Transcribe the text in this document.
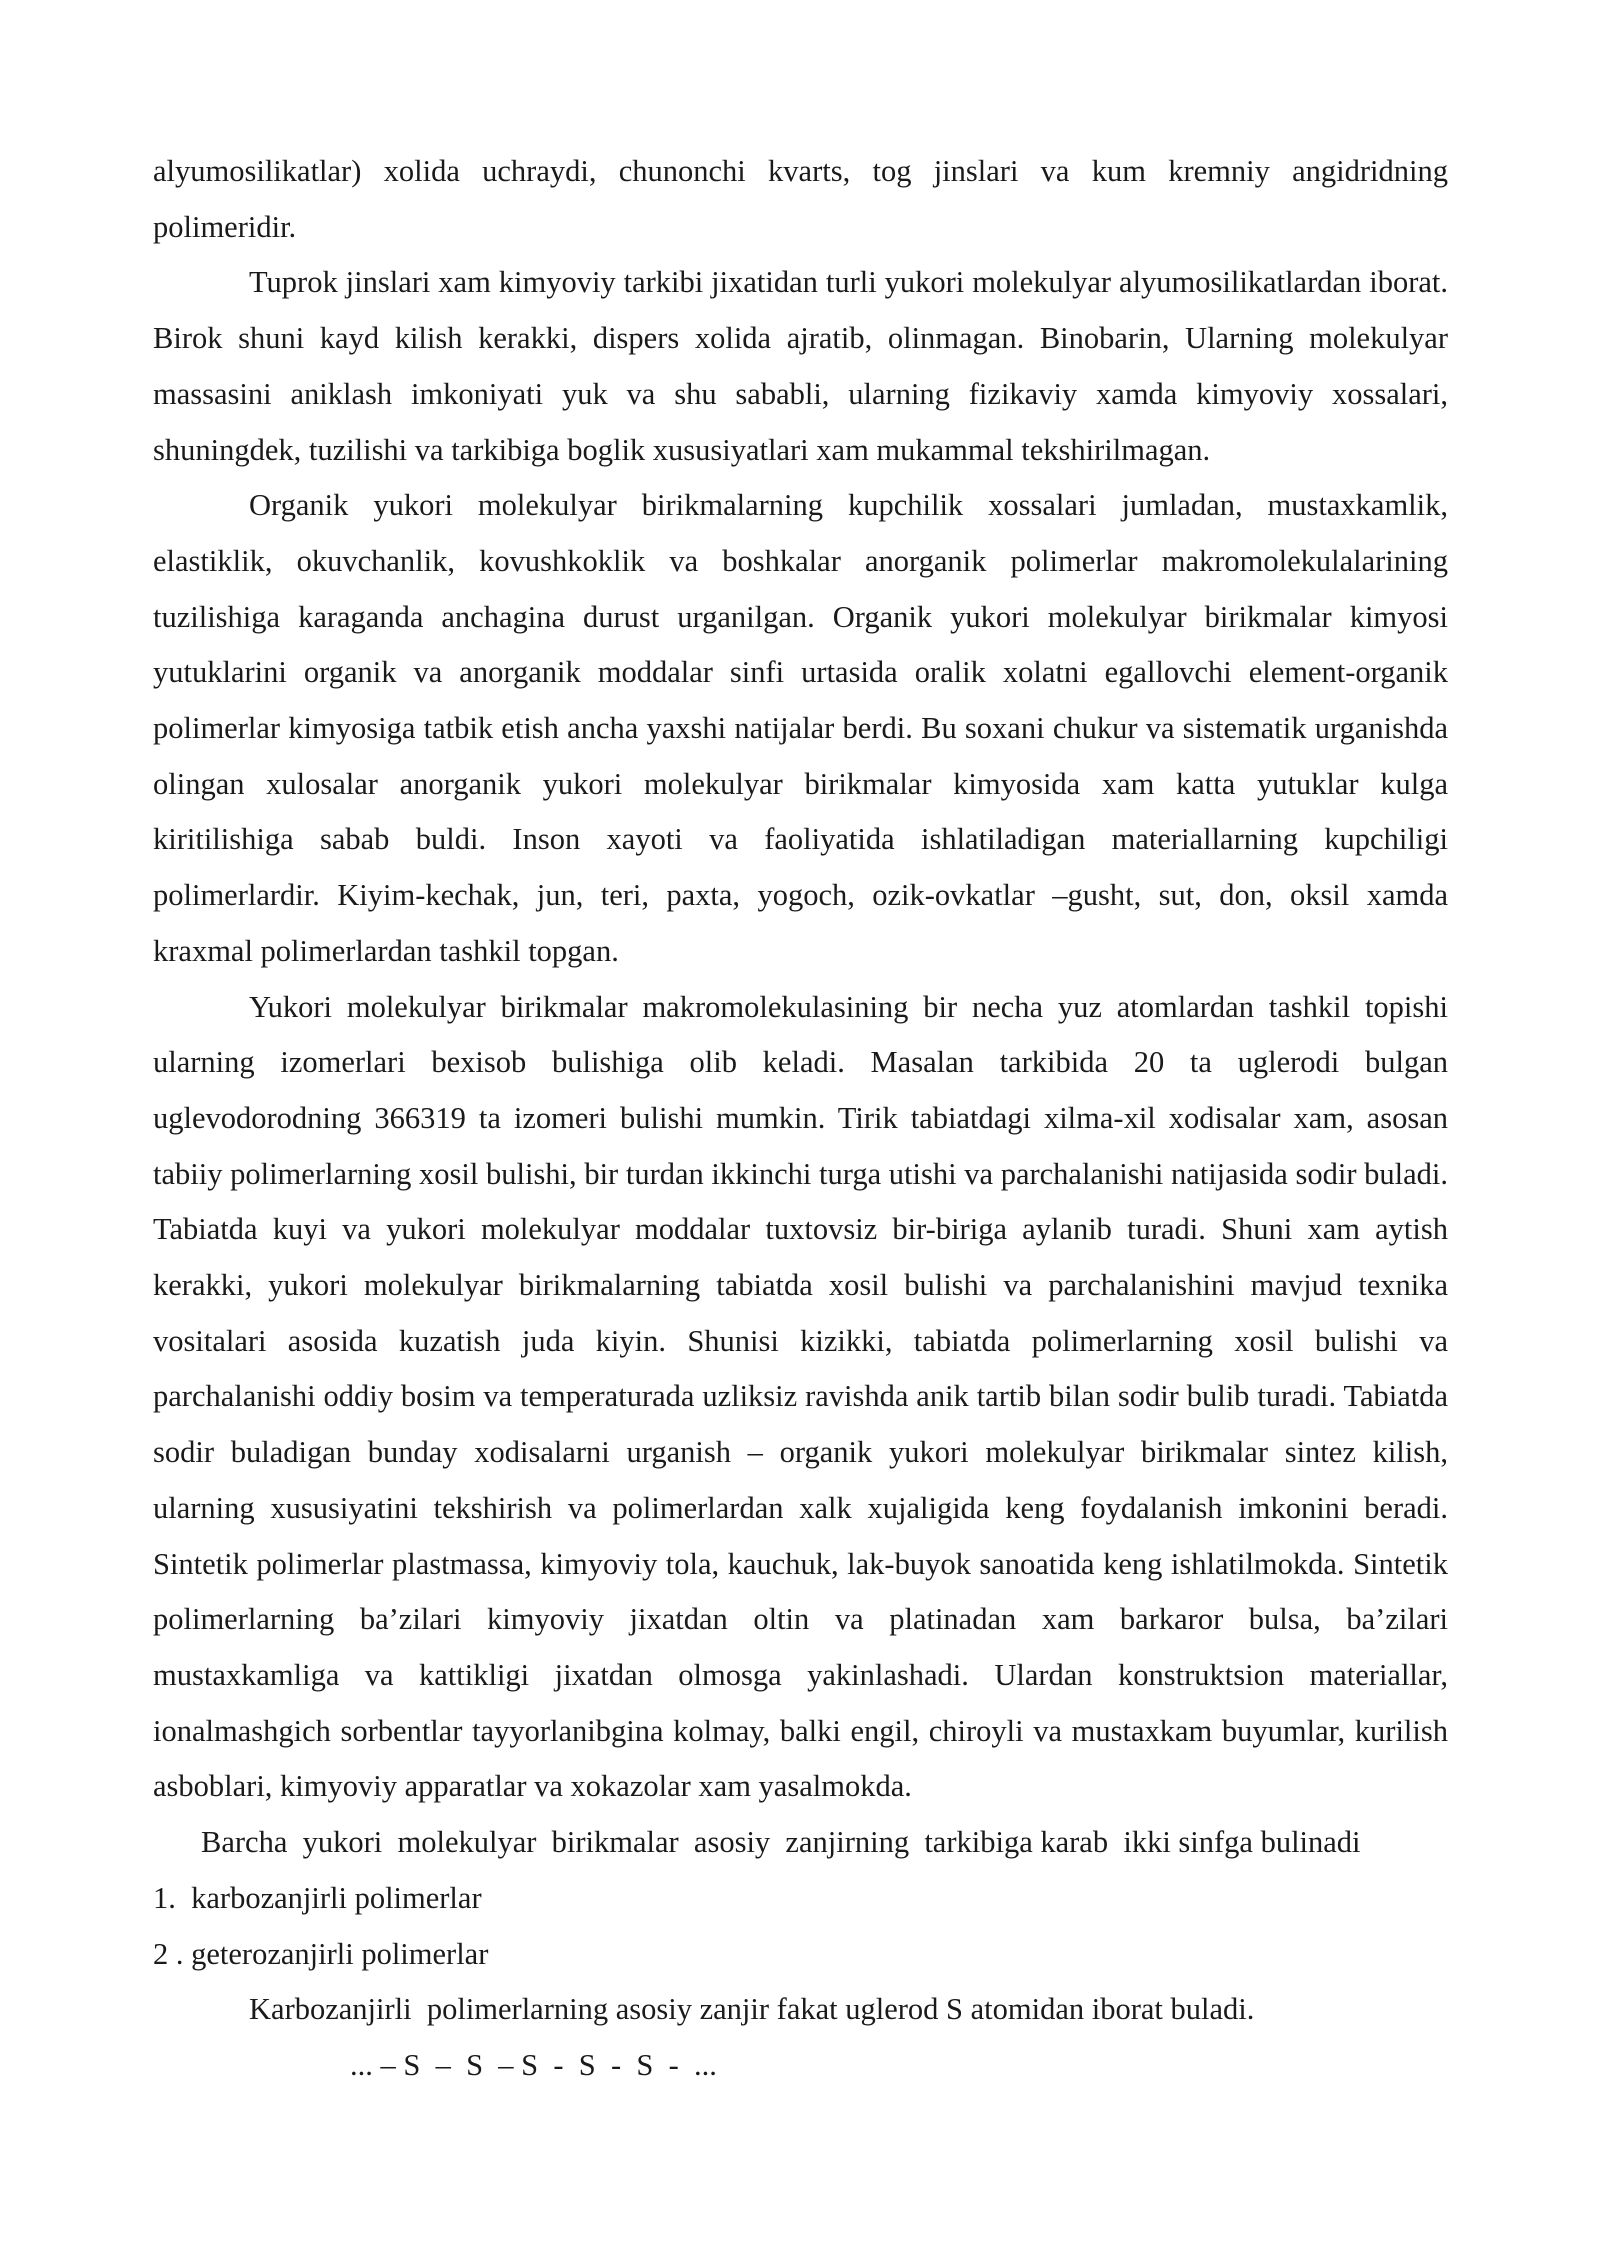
alyumosilikatlar) xolida uchraydi, chunonchi kvarts, tog jinslari va kum kremniy angidridning polimeridir.

Tuprok jinslari xam kimyoviy tarkibi jixatidan turli yukori molekulyar alyumosilikatlardan iborat. Birok shuni kayd kilish kerakki, dispers xolida ajratib, olinmagan. Binobarin, Ularning molekulyar massasini aniklash imkoniyati yuk va shu sababli, ularning fizikaviy xamda kimyoviy xossalari, shuningdek, tuzilishi va tarkibiga boglik xususiyatlari xam mukammal tekshirilmagan.

Organik yukori molekulyar birikmalarning kupchilik xossalari jumladan, mustaxkamlik, elastiklik, okuvchanlik, kovushkoklik va boshkalar anorganik polimerlar makromolekulalarining tuzilishiga karaganda anchagina durust urganilgan. Organik yukori molekulyar birikmalar kimyosi yutuklarini organik va anorganik moddalar sinfi urtasida oralik xolatni egallovchi element-organik polimerlar kimyosiga tatbik etish ancha yaxshi natijalar berdi. Bu soxani chukur va sistematik urganishda olingan xulosalar anorganik yukori molekulyar birikmalar kimyosida xam katta yutuklar kulga kiritilishiga sabab buldi. Inson xayoti va faoliyatida ishlatiladigan materiallarning kupchiligi polimerlardir. Kiyim-kechak, jun, teri, paxta, yogoch, ozik-ovkatlar –gusht, sut, don, oksil xamda kraxmal polimerlardan tashkil topgan.

Yukori molekulyar birikmalar makromolekulasining bir necha yuz atomlardan tashkil topishi ularning izomerlari bexisob bulishiga olib keladi. Masalan tarkibida 20 ta uglerodi bulgan uglevodorodning 366319 ta izomeri bulishi mumkin. Tirik tabiatdagi xilma-xil xodisalar xam, asosan tabiiy polimerlarning xosil bulishi, bir turdan ikkinchi turga utishi va parchalanishi natijasida sodir buladi. Tabiatda kuyi va yukori molekulyar moddalar tuxtovsiz bir-biriga aylanib turadi. Shuni xam aytish kerakki, yukori molekulyar birikmalarning tabiatda xosil bulishi va parchalanishini mavjud texnika vositalari asosida kuzatish juda kiyin. Shunisi kizikki, tabiatda polimerlarning xosil bulishi va parchalanishi oddiy bosim va temperaturada uzliksiz ravishda anik tartib bilan sodir bulib turadi. Tabiatda sodir buladigan bunday xodisalarni urganish – organik yukori molekulyar birikmalar sintez kilish, ularning xususiyatini tekshirish va polimerlardan xalk xujaligida keng foydalanish imkonini beradi. Sintetik polimerlar plastmassa, kimyoviy tola, kauchuk, lak-buyok sanoatida keng ishlatilmokda. Sintetik polimerlarning ba’zilari kimyoviy jixatdan oltin va platinadan xam barkaror bulsa, ba’zilari mustaxkamliga va kattikligi jixatdan olmosga yakinlashadi. Ulardan konstruktsion materiallar, ionalmashgich sorbentlar tayyorlanibgina kolmay, balki engil, chiroyli va mustaxkam buyumlar, kurilish asboblari, kimyoviy apparatlar va xokazolar xam yasalmokda.

Barcha  yukori  molekulyar  birikmalar  asosiy  zanjirning  tarkibiga karab  ikki sinfga bulinadi

1.  karbozanjirli polimerlar

2 . geterozanjirli polimerlar

Karbozanjirli  polimerlarning asosiy zanjir fakat uglerod S atomidan iborat buladi.

... – S  –  S  – S  -  S  -  S  -  ...
